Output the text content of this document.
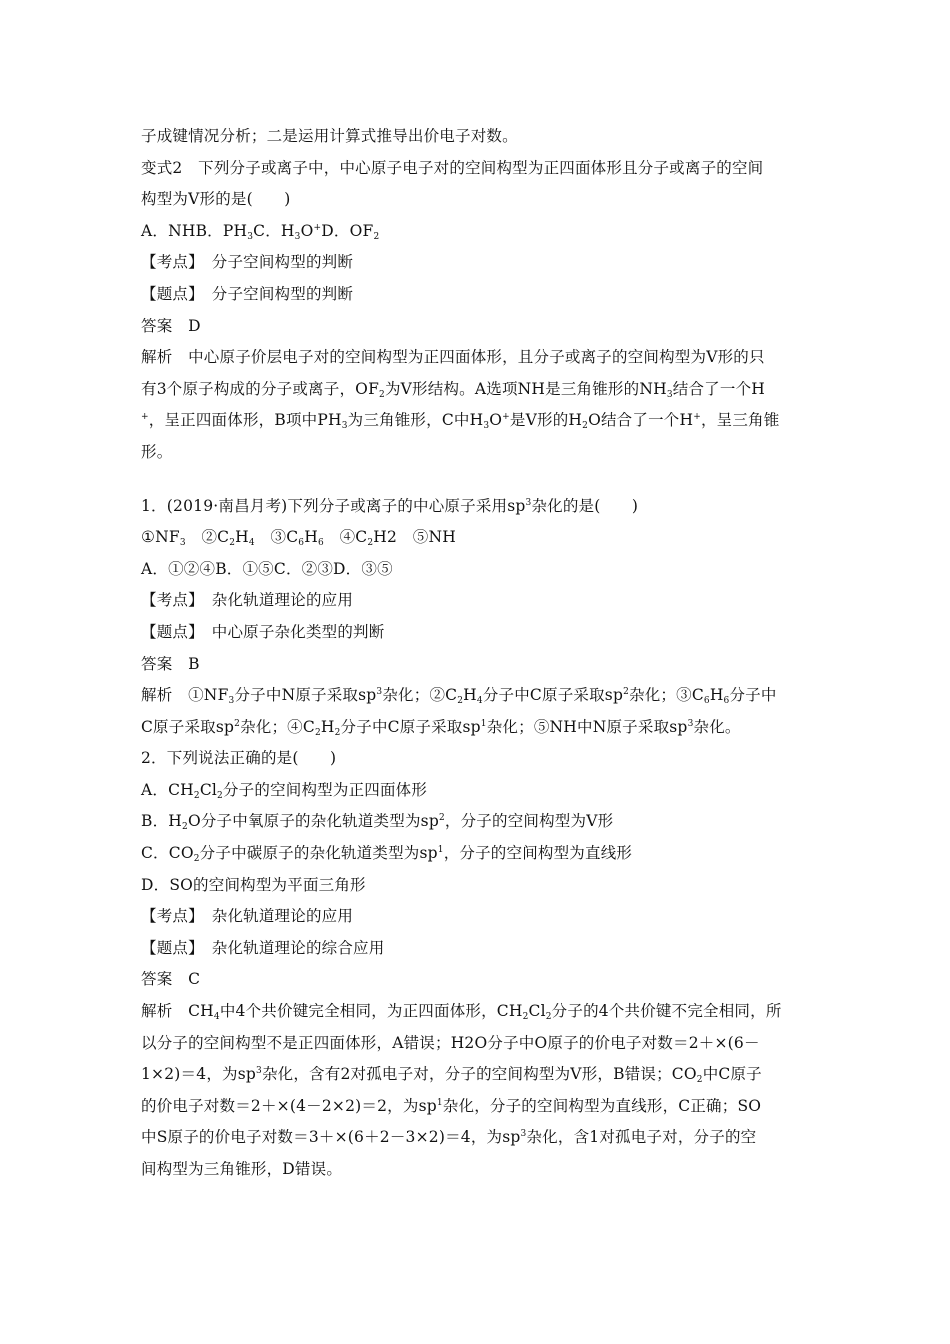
子成键情况分析；二是运用计算式推导出价电子对数。
变式2　下列分子或离子中，中心原子电子对的空间构型为正四面体形且分子或离子的空间
构型为V形的是(　　)
A．NHB．$PH_3C$．$H_3O^+D$．$OF_2$
【考点】　分子空间构型的判断
【题点】　分子空间构型的判断
答案　D
解析　中心原子价层电子对的空间构型为正四面体形，且分子或离子的空间构型为V形的只
有3个原子构成的分子或离子，$OF_2$为V形结构。A选项NH是三角锥形的$NH_3$结合了一个H
+，呈正四面体形，B项中$PH_3$为三角锥形，C中$H_3O^+$是V形的$H_2O$结合了一个H+，呈三角锥
形。
1．(2019·南昌月考)下列分子或离子的中心原子采用$sp^3$杂化的是(　　)
$①NF_3$　$②C_2H_4$　$③C_6H_6$　$④C_2H2$　⑤NH
A．①②④B．①⑤C．②③D．③⑤
【考点】　杂化轨道理论的应用
【题点】　中心原子杂化类型的判断
答案　B
解析　$①NF_3$分子中N原子采取$sp^3$杂化；$②C_2H_4$分子中C原子采取$sp^2$杂化；$③C_6H_6$分子中
C原子采取$sp^2$杂化；$④C_2H_2$分子中C原子采取$sp^1$杂化；⑤NH中N原子采取$sp^3$杂化。
2．下列说法正确的是(　　)
A．$CH_2Cl_2$分子的空间构型为正四面体形
B．$H_2O$分子中氧原子的杂化轨道类型为$sp^2$，分子的空间构型为V形
C．$CO_2$分子中碳原子的杂化轨道类型为$sp^1$，分子的空间构型为直线形
D．SO的空间构型为平面三角形
【考点】　杂化轨道理论的应用
【题点】　杂化轨道理论的综合应用
答案　C
解析　$CH_4$中4个共价键完全相同，为正四面体形，$CH_2Cl_2$分子的4个共价键不完全相同，所
以分子的空间构型不是正四面体形，A错误；H2O分子中O原子的价电子对数＝2＋×(6－
1×2)＝4，为$sp^3$杂化，含有2对孤电子对，分子的空间构型为V形，B错误；$CO_2$中C原子
的价电子对数＝2＋×(4－2×2)＝2，为$sp^1$杂化，分子的空间构型为直线形，C正确；SO
中S原子的价电子对数＝3＋×(6＋2－3×2)＝4，为$sp^3$杂化，含1对孤电子对，分子的空
间构型为三角锥形，D错误。
